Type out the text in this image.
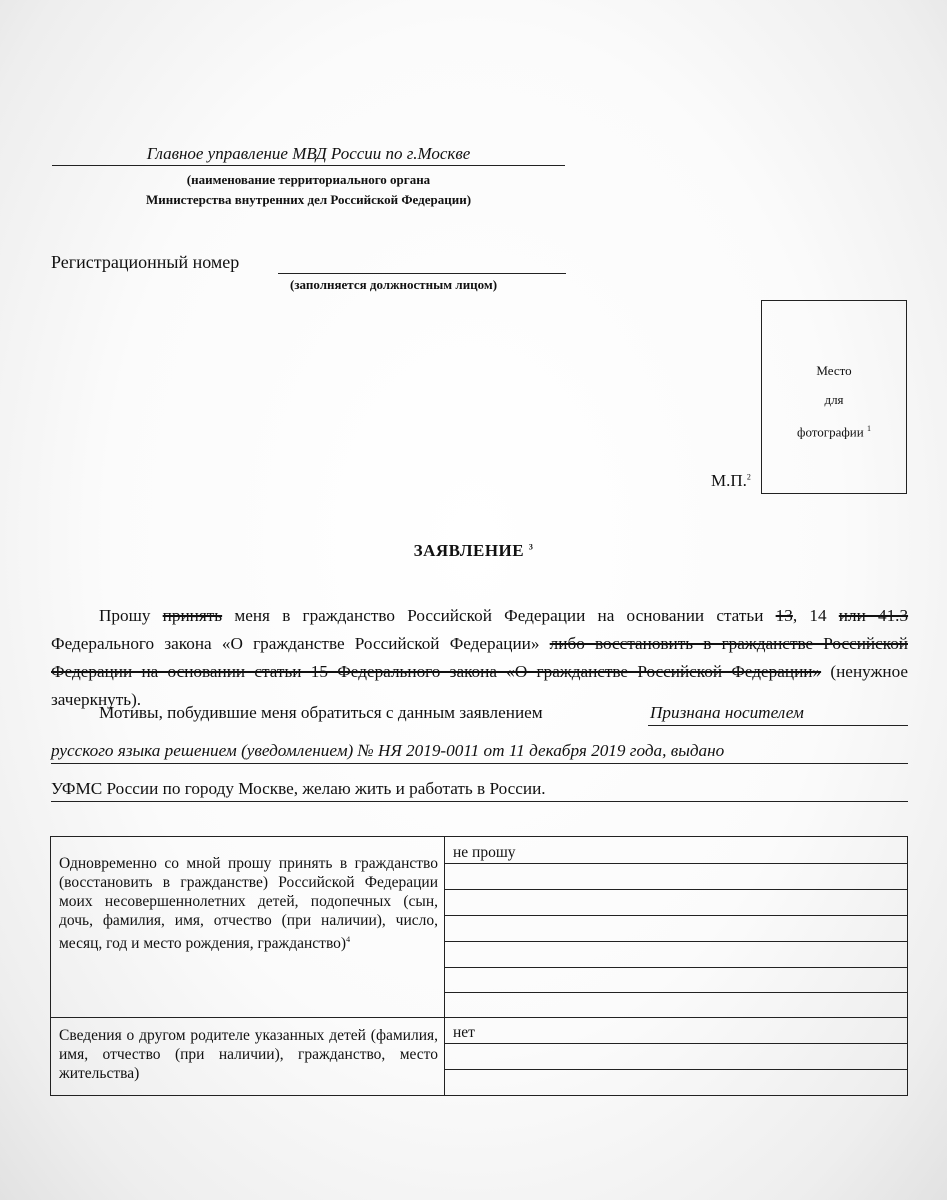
Главное управление МВД России по г.Москве
(наименование территориального органа
Министерства внутренних дел Российской Федерации)
Регистрационный номер
(заполняется должностным лицом)
Место
для
фотографии $^1$
М.П.$^2$
ЗАЯВЛЕНИЕ $^3$
Прошу принять меня в гражданство Российской Федерации на основании статьи 13, 14 или 41.3 Федерального закона «О гражданстве Российской Федерации» либо восстановить в гражданстве Российской Федерации на основании статьи 15 Федерального закона «О гражданстве Российской Федерации» (ненужное зачеркнуть).
Мотивы, побудившие меня обратиться с данным заявлением	Признана носителем
русского языка решением (уведомлением) № НЯ 2019-0011 от 11 декабря 2019 года, выдано
УФМС России по городу Москве, желаю жить и работать в России.
Одновременно со мной прошу принять в гражданство (восстановить в гражданстве) Российской Федерации моих несовершеннолетних детей, подопечных (сын, дочь, фамилия, имя, отчество (при наличии), число, месяц, год и место рождения, гражданство)$^4$
Сведения о другом родителе указанных детей (фамилия, имя, отчество (при наличии), гражданство, место жительства)
не прошу
нет
